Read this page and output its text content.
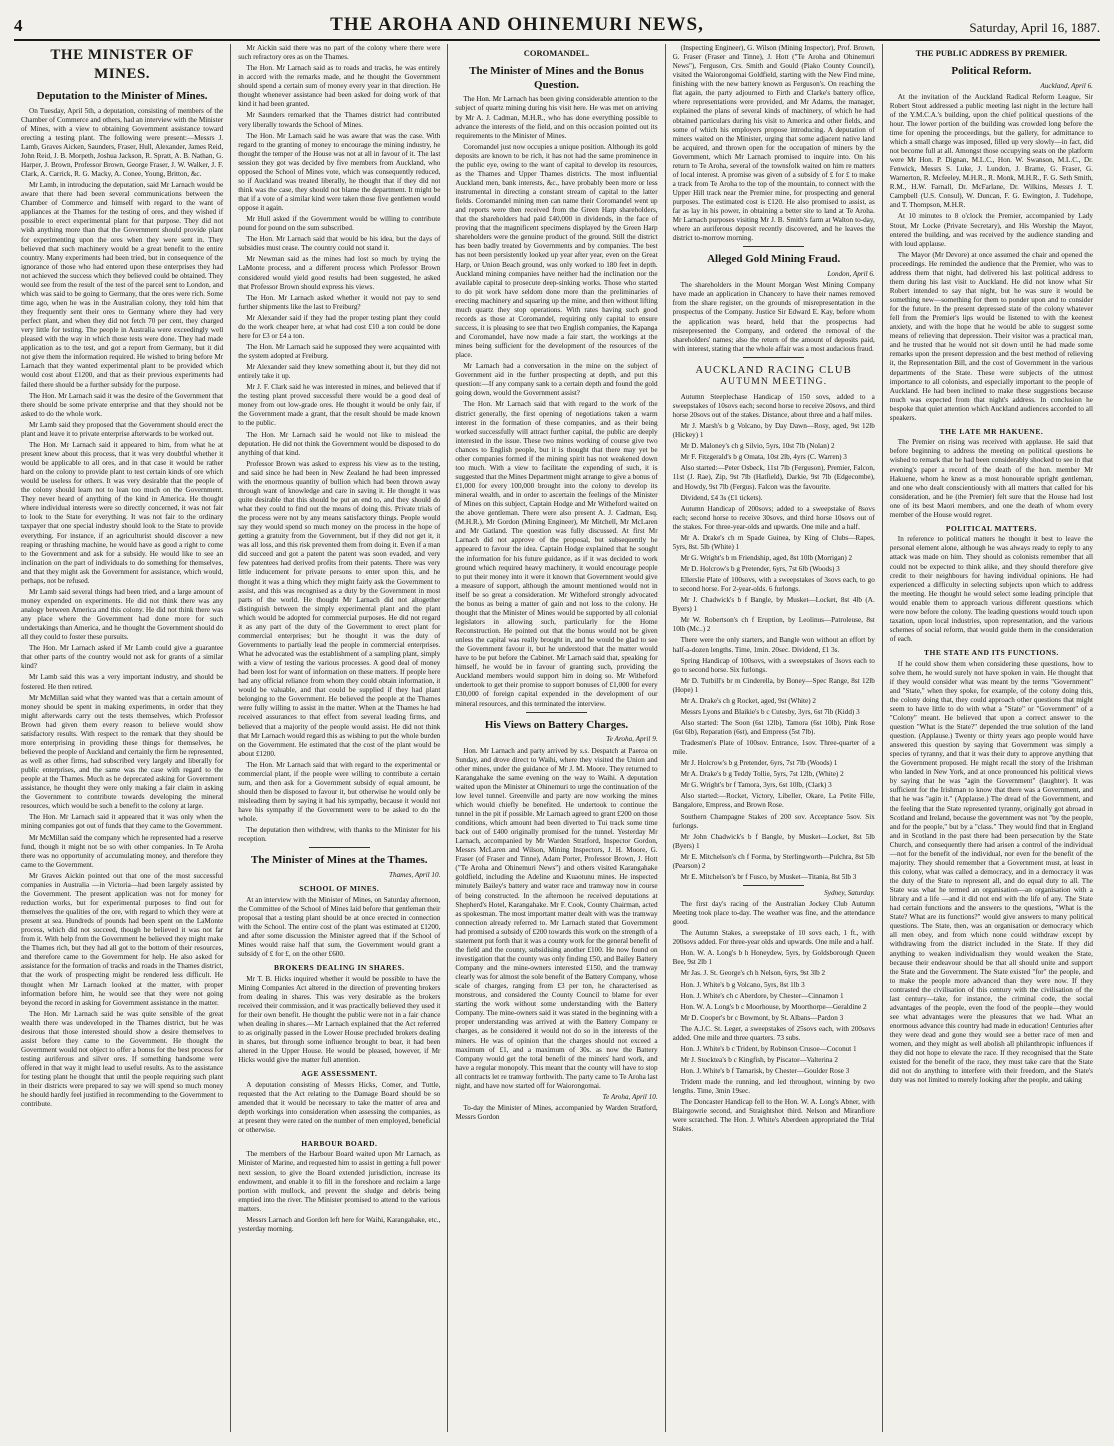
4	THE AROHA AND OHINEMURI NEWS,	Saturday, April 16, 1887.
THE MINISTER OF MINES.
Deputation to the Minister of Mines.

On Tuesday, April 5th, a deputation, consisting of members of the Chamber of Commerce and others, had an interview with the Minister of Mines, with a view to obtaining Government assistance toward erecting a testing plant. The following were present:—Messrs J. Lamb, Graves Aicken, Saunders, Fraser, Hull, Alexander, James Reid, John Reid, J. B. Morpeth, Joshua Jackson, R. Spratt, A. B. Nathan, G. Harper, J. Brown, Professor Brown, George Fraser, J. W. Walker, J. F. Clark, A. Carrick, R. G. Macky, A. Conee, Young, Britton, &c.

Mr Lamb, in introducing the deputation, said Mr Larnach would be aware that there had been several communications between the Chamber of Commerce and himself with regard to the want of appliances at the Thames for the testing of ores, and they wished if possible to erect experimental plant for that purpose. They did not wish anything more than that the Government should provide plant for experimenting upon the ores when they were sent in. They believed that such machinery would be a great benefit to the entire country. Many experiments had been tried, but in consequence of the ignorance of those who had entered upon these enterprises they had not achieved the success which they believed could be obtained. They would see from the result of the test of the parcel sent to London, and which was said to be going to Germany, that the ores were rich. Some time ago, when he was in the Australian colony, they told him that they frequently sent their ores to Germany where they had very perfect plant, and when they did not fetch 70 per cent, they charged very little for testing. The people in Australia were exceedingly well pleased with the way in which those tests were done. They had made application as to the test, and got a report from Germany, but it did not give them the information required. He wished to bring before Mr Larnach that they wanted experimental plant to be provided which would cost about £1200, and that as their previous experiments had failed there should be a further subsidy for the purpose.

The Hon. Mr Larnach said it was the desire of the Government that there should be some private enterprise and that they should not be asked to do the whole work.

Mr Lamb said they proposed that the Government should erect the plant and leave it to private enterprise afterwards to be worked out.

The Hon. Mr Larnach said it appeared to him, from what he at present knew about this process, that it was very doubtful whether it would be applicable to all ores, and in that case it would be rather hard on the colony to provide plant to test certain kinds of ore which would be useless for others. It was very desirable that the people of the colony should learn not to lean too much on the Government. They never heard of anything of the kind in America. He thought where individual interests were so directly concerned, it was not fair to look to the State for everything. It was not fair to the ordinary taxpayer that one special industry should look to the State to provide everything. For instance, if an agriculturist should discover a new reaping or thrashing machine, he would have as good a right to come to the Government and ask for a subsidy. He would like to see an inclination on the part of individuals to do something for themselves, and that they might ask the Government for assistance, which would, perhaps, not be refused.

Mr Lamb said several things had been tried, and a large amount of money expended on experiments. He did not think there was any analogy between America and this colony. He did not think there was any place where the Government had done more for such undertakings than America, and he thought the Government should do all they could to foster these pursuits.

The Hon. Mr Larnach asked if Mr Lamb could give a guarantee that other parts of the country would not ask for grants of a similar kind?

Mr Lamb said this was a very important industry, and should be fostered. He then retired.

Mr McMillan said what they wanted was that a certain amount of money should be spent in making experiments, in order that they might afterwards carry out the tests themselves, which Professor Brown had given them every reason to believe would show satisfactory results. With respect to the remark that they should be more enterprising in providing these things for themselves, he believed the people of Auckland and certainly the firm he represented, as well as other firms, had subscribed very largely and liberally for public enterprises, and the same was the case with regard to the people at the Thames. Much as he deprecated asking for Government assistance, he thought they were only making a fair claim in asking the Government to contribute towards developing the mineral resources, which would be such a benefit to the colony at large.

The Hon. Mr Larnach said it appeared that it was only when the mining companies got out of funds that they came to the Government.

Mr McMillan said the company which he represented had a reserve fund, though it might not be so with other companies. In Te Aroha there was no opportunity of accumulating money, and therefore they came to the Government.

Mr Graves Aickin pointed out that one of the most successful companies in Australia —in Victoria—had been largely assisted by the Government. The present application was not for money for reduction works, but for experimental purposes to find out for themselves the qualities of the ore, with regard to which they were at present at sea. Hundreds of pounds had been spent on the LaMonte process, which did not succeed, though he believed it was not far from it. With help from the Government he believed they might make the Thames rich, but they had all got to the bottom of their resources, and therefore came to the Government for help. He also asked for assistance for the formation of tracks and roads in the Thames district, that the work of prospecting might be rendered less difficult. He thought when Mr Larnach looked at the matter, with proper information before him, he would see that they were not going beyond the record in asking for Government assistance in the matter.

The Hon. Mr Larnach said he was quite sensible of the great wealth there was undeveloped in the Thames district, but he was desirous that those interested should show a desire themselves to assist before they came to the Government. He thought the Government would not object to offer a bonus for the best process for testing auriferous and silver ores. If something handsome were offered in that way it might lead to useful results. As to the assistance for testing plant he thought that until the people requiring such plant in their districts were prepared to say we will spend so much money he should hardly feel justified in recommending to the Government to contribute.

Mr Aickin said there was no part of the colony where there were such refractory ores as on the Thames.

The Hon. Mr Larnach said as to roads and tracks, he was entirely in accord with the remarks made, and he thought the Government should spend a certain sum of money every year in that direction. He thought whenever assistance had been asked for doing work of that kind it had been granted.

Mr Saunders remarked that the Thames district had contributed very liberally towards the School of Mines.

The Hon. Mr Larnach said he was aware that was the case. With regard to the granting of money to encourage the mining industry, he thought the temper of the House was not at all in favour of it. The last session they got was decided by five members from Auckland, who opposed the School of Mines vote, which was consequently reduced, so if Auckland was treated liberally, he thought that if they did not think was the case, they should not blame the department. It might be that if a vote of a similar kind were taken those five gentlemen would oppose it again.

Mr Hull asked if the Government would be willing to contribute pound for pound on the sum subscribed.

The Hon. Mr Larnach said that would be his idea, but the days of subsidies must cease. The country could not stand it.

Mr Newman said as the mines had lost so much by trying the LaMonte process, and a different process which Professor Brown considered would yield good results had been suggested, he asked that Professor Brown should express his views.

The Hon. Mr Larnach asked whether it would not pay to send further shipments like the last to Freiburg?

Mr Alexander said if they had the proper testing plant they could do the work cheaper here, at what had cost £10 a ton could be done here for £3 or £4 a ton.

The Hon. Mr Larnach said he supposed they were acquainted with the system adopted at Freiburg.

Mr Alexander said they knew something about it, but they did not entirely take it up.

Mr J. F. Clark said he was interested in mines, and believed that if the testing plant proved successful there would be a good deal of money from out low-grade ores. He thought it would be only fair, if the Government made a grant, that the result should be made known to the public.

The Hon. Mr Larnach said he would not like to mislead the deputation. He did not think the Government would be disposed to do anything of that kind.

Professor Brown was asked to express his view as to the testing, and said since he had been in New Zealand he had been impressed with the enormous quantity of bullion which had been thrown away through want of knowledge and care in saving it. He thought it was quite desirable that this should be put an end to, and they should do what they could to find out the means of doing this. Private trials of the process were not by any means satisfactory things. People would say they would spend so much money on the process in the hope of getting a gratuity from the Government, but if they did not get it, it was all loss, and this risk prevented them from doing it. Even if a man did succeed and got a patent the patent was soon evaded, and very few patentees had derived profits from their patents. There was very little inducement for private persons to enter upon this, and he thought it was a thing which they might fairly ask the Government to assist, and this was recognised as a duty by the Government in most parts of the world. He thought Mr Larnach did not altogether distinguish between the simply experimental plant and the plant which would be adopted for commercial purposes. He did not regard it as any part of the duty of the Government to erect plant for commercial enterprises; but he thought it was the duty of Governments to partially lead the people in commercial enterprises. What he advocated was the establishment of a sampling plant, simply with a view of testing the various processes. A good deal of money had been lost for want of information on these matters. If people here had any official reliance from whom they could obtain information, it would be valuable, and that could be supplied if they had plant belonging to the Government. He believed the people at the Thames were fully willing to assist in the matter. When at the Thames he had received assurances to that effect from several leading firms, and believed that a majority of the people would assist. He did not think that Mr Larnach would regard this as wishing to put the whole burden on the Government. He estimated that the cost of the plant would be about £1200.

The Hon. Mr Larnach said that with regard to the experimental or commercial plant, if the people were willing to contribute a certain sum, and then ask for a Government subsidy of equal amount, he should then be disposed to favour it, but otherwise he would only be misleading them by saying it had his sympathy, because it would not have his sympathy if the Government were to be asked to do the whole.

The deputation then withdrew, with thanks to the Minister for his reception.

The Minister of Mines at the Thames.
Thames, April 10.
SCHOOL OF MINES.

At an interview with the Minister of Mines, on Saturday afternoon, the Committee of the School of Mines laid before that gentleman their proposal that a testing plant should be at once erected in connection with the School. The entire cost of the plant was estimated at £1200, and after some discussion the Minister agreed that if the School of Mines would raise half that sum, the Government would grant a subsidy of £ for £, on the other £600.

BROKERS DEALING IN SHARES.

Mr T. B. Hicks inquired whether it would be possible to have the Mining Companies Act altered in the direction of preventing brokers from dealing in shares. This was very desirable as the brokers received their commission, and it was practically believed they used it for their own benefit. He thought the public were not in a fair chance when dealing in shares.—Mr Larnach explained that the Act referred to as originally passed in the Lower House precluded brokers dealing in shares, but through some influence brought to bear, it had been altered in the Upper House. He would be pleased, however, if Mr Hicks would give the matter full attention.

AGE ASSESSMENT.

A deputation consisting of Messrs Hicks, Comer, and Tuttle, requested that the Act relating to the Damage Board should be so amended that it would be necessary to take the matter of area and depth workings into consideration when assessing the companies, as at present they were rated on the number of men employed, beneficial or otherwise.

HARBOUR BOARD.

The members of the Harbour Board waited upon Mr Larnach, as Minister of Marine, and requested him to assist in getting a full power next session, to give the Board extended jurisdiction, increase its endowment, and enable it to fill in the foreshore and reclaim a large portion with mullock, and prevent the sludge and debris being emptied into the river. The Minister promised to attend to the various matters.

Messrs Larnach and Gordon left here for Waihi, Karangahake, etc., yesterday morning.

COROMANDEL.
The Minister of Mines and the Bonus Question.

The Hon. Mr Larnach has been giving considerable attention to the subject of quartz mining during his visit here. He was met on arriving by Mr A. J. Cadman, M.H.R., who has done everything possible to advance the interests of the field, and on this occasion pointed out its requirements to the Minister of Mines.

Coromandel just now occupies a unique position. Although its gold deposits are known to be rich, it has not had the same prominence in the public eye, owing to the want of capital to develop its resources, as the Thames and Upper Thames districts. The most influential Auckland men, bank interests, &c., have probably been more or less instrumental in directing a constant stream of capital to the latter fields. Coromandel mining men can name their Coromandel went up and reports were then received from the Green Harp shareholders, that the shareholders had paid £40,000 in dividends, in the face of proving that the magnificent specimens displayed by the Green Harp shareholders were the genuine product of the ground. Still the district has been badly treated by Governments and by companies. The best has not been persistently looked up year after year, even on the Great Harp, or Union Beach ground, was only worked to 180 feet in depth. Auckland mining companies have neither had the inclination nor the available capital to prosecute deep-sinking works. Those who started to do pit work have seldom done more than the preliminaries of erecting machinery and squaring up the mine, and then without lifting much quartz they stop operations. With rates having such good records as those at Coromandel, requiring only capital to ensure success, it is pleasing to see that two English companies, the Kapanga and Coromandel, have now made a fair start, the workings at the mines being sufficient for the development of the resources of the place.

Mr Larnach had a conversation in the mine on the subject of Government aid in the further prospecting at depth, and put this question:—If any company sank to a certain depth and found the gold going down, would the Government assist?

The Hon. Mr Larnach said that with regard to the work of the district generally, the first opening of negotiations taken a warm interest in the formation of these companies, and as their being worked successfully will attract further capital, the public are deeply interested in the issue. These two mines working of course give two chances to English people, but it is thought that there may yet be other companies formed if the mining spirit has not weakened down too much. With a view to facilitate the expending of such, it is suggested that the Mines Department might arrange to give a bonus of £1,000 for every 100,000 brought into the colony to develop its mineral wealth, and in order to ascertain the feelings of the Minister of Mines on this subject, Captain Hodge and Mr Witheford waited on the above gentleman. There were also present A. J. Cadman, Esq. (M.H.R.), Mr Gordon (Mining Engineer), Mr Mitchell, Mr McLaren and Mr Gatland. The question was fully discussed. At first Mr Larnach did not approve of the proposal, but subsequently he appeared to favour the idea. Captain Hodge explained that he sought the information for his future guidance, as if it was decided to work ground which required heavy machinery, it would encourage people to put their money into it were it known that Government would give a measure of support, although the amount mentioned would not in itself be so great a consideration. Mr Witheford strongly advocated the bonus as being a matter of gain and not loss to the colony. He thought that the Minister of Mines would be supported by all colonial legislators in allowing such, particularly for the Home Reconstruction. He pointed out that the bonus would not be given unless the capital was really brought in, and he would be glad to see the Government favour it, but he understood that the matter would have to be put before the Cabinet. Mr Larnach said that, speaking for himself, he would be in favour of granting such, providing the Auckland members would support him in doing so. Mr Witheford undertook to get their promise to support bonuses of £1,000 for every £30,000 of foreign capital expended in the development of our mineral resources, and this terminated the interview.

His Views on Battery Charges.
Te Aroha, April 9.

Hon. Mr Larnach and party arrived by s.s. Despatch at Paeroa on Sunday, and drove direct to Waihi, where they visited the Union and other mines, under the guidance of Mr J. M. Moore. They returned to Karangahake the same evening on the way to Waihi. A deputation waited upon the Minister at Ohinemuri to urge the continuation of the low level tunnel. Greenville and party are now working the mines which would chiefly be benefited. He undertook to continue the tunnel in the pit if possible. Mr Larnach agreed to grant £200 on those conditions, which amount had been diverted to Tui track some time back out of £400 originally promised for the tunnel. Yesterday Mr Larnach, accompanied by Mr Warden Stratford, Inspector Gordon, Messrs McLaren and Wilson, Mining Inspectors, J. H. Moore, G. Fraser (of Fraser and Tinne), Adam Porter, Professor Brown, J. Hott ("Te Aroha and Ohinemuri News") and others visited Karangahake goldfield, including the Adeline and Kuaotunu mines. He inspected minutely Bailey's battery and water race and tramway now in course of being constructed. In the afternoon he received deputations at Shepherd's Hotel, Karangahake. Mr F. Cook, County Chairman, acted as spokesman. The most important matter dealt with was the tramway connection already referred to. Mr Larnach stated that Government had promised a subsidy of £200 towards this work on the strength of a statement put forth that it was a county work for the general benefit of the field and the county, subsidising another £100. He now found on investigation that the county was only finding £50, and Bailey Battery Company and the mine-owners interested £150, and the tramway clearly was for almost the sole benefit of the Battery Company, whose scale of charges, ranging from £3 per ton, he characterised as monstrous, and considered the County Council to blame for ever starting the work without some understanding with the Battery Company. The mine-owners said it was stated in the beginning with a proper understanding was arrived at with the Battery Company re charges, as he considered it would not do so in the interests of the miners. He was of opinion that the charges should not exceed a maximum of £1, and a maximum of 30s. as now the Battery Company would get the total benefit of the miners' hard work, and have a regular monopoly. This meant that the county will have to stop all contracts let re tramway forthwith. The party came to Te Aroha last night, and have now started off for Waiorongomai.

Te Aroha, April 10.

To-day the Minister of Mines, accompanied by Warden Stratford, Messrs Gordon

(Inspecting Engineer), G. Wilson (Mining Inspector), Prof. Brown, G. Fraser (Fraser and Tinne), J. Hott ("Te Aroha and Ohinemuri News"), Ferguson, Crs. Smith and Gould (Piako County Council), visited the Waiorongomai Goldfield, starting with the New Find mine, finishing with the new battery known as Ferguson's. On reaching the flat again, the party adjourned to Firth and Clarke's battery office, where representations were provided, and Mr Adams, the manager, explained the plans of several kinds of machinery, of which he had obtained particulars during his visit to America and other fields, and some of which his employers propose introducing. A deputation of miners waited on the Minister, urging that some adjacent native land be acquired, and thrown open for the occupation of miners by the Government, which Mr Larnach promised to inquire into. On his return to Te Aroha, several of the townsfolk waited on him re matters of local interest. A promise was given of a subsidy of £ for £ to make a track from Te Aroha to the top of the mountain, to connect with the Upper Hill track near the Premier mine, for prospecting and general purposes. The estimated cost is £120. He also promised to assist, as far as lay in his power, in obtaining a better site to land at Te Aroha. Mr Larnach purposes visiting Mr J. B. Smith's farm at Walton to-day, where an auriferous deposit recently discovered, and he leaves the district to-morrow morning.

Alleged Gold Mining Fraud.
London, April 6.

The shareholders in the Mount Morgan West Mining Company have made an application in Chancery to have their names removed from the share register, on the grounds of misrepresentation in the prospectus of the Company. Justice Sir Edward E. Kay, before whom the application was heard, held that the prospectus had misrepresented the Company, and ordered the removal of the shareholders' names; also the return of the amount of deposits paid, with interest, stating that the whole affair was a most audacious fraud.

AUCKLAND RACING CLUB
AUTUMN MEETING.

Autumn Steeplechase Handicap of 150 sovs, added to a sweepstakes of 10sovs each; second horse to receive 20sovs, and third horse 20sovs out of the stakes. Distance, about three and a half miles.

Mr J. Marsh's b g Volcano, by Day Dawn—Rosy, aged, 9st 12lb (Hickey) 1

Mr D. Maloney's ch g Silvio, 5yrs, 10st 7lb (Nolan) 2

Mr F. Fitzgerald's b g Omata, 10st 2lb, 4yrs (C. Warren) 3

Also started:—Peter Osbeck, 11st 7lb (Ferguson), Premier, Falcon, 11st (J. Rae), Zip, 9st 7lb (Hatfield), Darkie, 9st 7lb (Edgecombe), and Howdy, 9st 7lb (Fergus). Falcon was the favourite.

Dividend, £4 3s (£1 tickets).

Autumn Handicap of 200sovs; added to a sweepstake of 8sovs each; second horse to receive 30sovs, and third horse 10sovs out of the stakes. For three-year-olds and upwards. One mile and a half.

Mr A. Drake's ch m Spade Guinea, by King of Clubs—Rapes, 5yrs, 8st. 5lb (White) 1

Mr G. Wright's b m Friendship, aged, 8st 10lb (Morrigan) 2

Mr D. Holcrow's b g Pretender, 6yrs, 7st 6lb (Woods) 3

Ellerslie Plate of 100sovs, with a sweepstakes of 3sovs each, to go to second horse. For 2-year-olds. 6 furlongs.

Mr J. Chadwick's b f Bangle, by Musket—Locket, 8st 4lb (A. Byers) 1

Mr W. Robertson's ch f Eruption, by Leolinus—Patroleuse, 8st 10lb (Mc..) 2

There were the only starters, and Bangle won without an effort by half-a-dozen lengths. Time, 1min. 20sec. Dividend, £1 3s.

Spring Handicap of 100sovs, with a sweepstakes of 3sovs each to go to second horse. Six furlongs.

Mr D. Tutbill's br m Cinderella, by Boney—Spec Range, 8st 12lb (Hope) 1

Mr A. Drake's ch g Rocket, aged, 9st (White) 2

Messrs Lyons and Blaikie's b c Cutesby, 3yrs, 6st 7lb (Kidd) 3

Also started: The Soon (6st 12lb), Tamora (6st 10lb), Pink Rose (6st 6lb), Reparation (6st), and Empress (5st 7lb).

Tradesmen's Plate of 100sov. Entrance, 1sov. Three-quarter of a mile.

Mr J. Holcrow's b g Pretender, 6yrs, 7st 7lb (Woods) 1

Mr A. Drake's b g Teddy Tollie, 5yrs, 7st 12lb, (White) 2

Mr G. Wright's br f Tamora, 3yrs, 6st 10lb, (Clark) 3

Also started:—Rocket, Victory, Libeller, Okare, La Petite Fille, Bangalore, Empress, and Brown Rose.

Southern Champagne Stakes of 200 sov. Acceptance 5sov. Six furlongs.

Mr John Chadwick's b f Bangle, by Musket—Locket, 8st 5lb (Byers) 1

Mr E. Mitchelson's ch f Forma, by Sterlingworth—Pulchra, 8st 5lb (Pearson) 2

Mr E. Mitchelson's br f Fusco, by Musket—Titania, 8st 5lb 3

Sydney, Saturday.

The first day's racing of the Australian Jockey Club Autumn Meeting took place to-day. The weather was fine, and the attendance good.

The Autumn Stakes, a sweepstake of 10 sovs each, 1 ft., with 200sovs added. For three-year olds and upwards. One mile and a half.

Hon. W. A. Long's b h Honeydew, 5yrs, by Goldsborough Queen Bee, 9st 2lb 1

Mr Jas. J. St. George's ch h Nelson, 6yrs, 9st 3lb 2

Hon. J. White's b g Volcano, 5yrs, 8st 1lb 3

Hon. J. White's ch c Aberdore, by Chester—Cinnamon 1

Hon. W. A. Long's b c Moorhouse, by Moorthorpe—Geraldine 2

Mr D. Cooper's br c Bowmont, by St. Albans—Pardon 3

The A.J.C. St. Leger, a sweepstakes of 25sovs each, with 200sovs added. One mile and three quarters. 73 subs.

Hon. J. White's b c Trident, by Robinson Crusoe—Coconut 1

Mr J. Stocktea's b c Kingfish, by Piscator—Valterina 2

Hon. J. White's b f Tamarisk, by Chester—Goulder Rose 3

Trident made the running, and led throughout, winning by two lengths. Time, 3min 19sec.

The Doncaster Handicap fell to the Hon. W. A. Long's Abner, with Blairgowrie second, and Straightshot third. Nelson and Miranfiore were scratched. The Hon. J. White's Aberdeen appropriated the Trial Stakes.

THE PUBLIC ADDRESS BY PREMIER.
Political Reform.
Auckland, April 6.

At the invitation of the Auckland Radical Reform League, Sir Robert Stout addressed a public meeting last night in the lecture hall of the Y.M.C.A.'s building, upon the chief political questions of the hour. The lower portion of the building was crowded long before the time for opening the proceedings, but the gallery, for admittance to which a small charge was imposed, filled up very slowly—in fact, did not become full at all. Amongst those occupying seats on the platform were Mr Hon. P. Dignan, M.L.C., Hon. W. Swanson, M.L.C., Dr. Fenwick, Messrs S. Luke, J. Lundon, J. Brame, G. Fraser, G. Warnerton, R. Mcfeeley, M.H.R., R. Monk, M.H.R., F. G. Seth Smith, R.M., H.W. Farnall, Dr. McFarlane, Dr. Wilkins, Messrs J. T. Campbell (U.S. Consul), W. Duncan, F. G. Ewington, J. Tudehope, and T. Thompson, M.H.R.

At 10 minutes to 8 o'clock the Premier, accompanied by Lady Stout, Mr Locke (Private Secretary), and His Worship the Mayor, entered the building, and was received by the audience standing and with loud applause.

The Mayor (Mr Devore) at once assumed the chair and opened the proceedings. He reminded the audience that the Premier, who was to address them that night, had delivered his last political address to them during his last visit to Auckland. He did not know what Sir Robert intended to say that night, but he was sure it would be something new—something for them to ponder upon and to consider for the future. In the present depressed state of the colony whatever fell from the Premier's lips would be listened to with the keenest anxiety, and with the hope that he would be able to suggest some means of relieving that depression. Their visitor was a practical man, and he trusted that he would not sit down until he had made some remarks upon the present depression and the best method of relieving it, the Representation Bill, and the cost of Government in the various departments of the State. These were subjects of the utmost importance to all colonists, and especially important to the people of Auckland. He had been inclined to make these suggestions because much was expected from that night's address. In conclusion he bespoke that quiet attention which Auckland audiences accorded to all speakers.

THE LATE MR HAKUENE.

The Premier on rising was received with applause. He said that before beginning to address the meeting on political questions he wished to remark that he had been considerably shocked to see in that evening's paper a record of the death of the hon. member Mr Hakuene, whom he knew as a most honourable upright gentleman, and one who dealt conscientiously with all matters that called for his consideration, and he (the Premier) felt sure that the House had lost one of its best Maori members, and one the death of whom every member of the House would regret.

POLITICAL MATTERS.

In reference to political matters he thought it best to leave the personal element alone, although he was always ready to reply to any attack was made on him. They should as colonists remember that all could not be expected to think alike, and they should therefore give credit to their neighbours for having individual opinions. He had experienced a difficulty in selecting subjects upon which to address the meeting. He thought he would select some leading principle that would enable them to approach various different questions which were now before the colony. The leading questions would touch upon taxation, upon local industries, upon representation, and the various schemes of social reform, that would guide them in the consideration of each.

THE STATE AND ITS FUNCTIONS.

If he could show them when considering these questions, how to solve them, he would surely not have spoken in vain. He thought that if they would consider what was meant by the terms "Government" and "State," when they spoke, for example, of the colony doing this, the colony doing that, they could approach other questions that might seem to have little to do with what a "State" or "Government" of a "Colony" meant. He believed that upon a correct answer to the question "What is the State?" depended the true solution of the land question. (Applause.) Twenty or thirty years ago people would have answered this question by saying that Government was simply a species of tyranny, and that it was their duty to approve anything that the Government proposed. He might recall the story of the Irishman who landed in New York, and at once pronounced his political views by saying that he was "agin the Government" (laughter). It was sufficient for the Irishman to know that there was a Government, and that he was "agin it." (Applause.) The dread of the Government, and the feeling that the State represented tyranny, originally got abroad in Scotland and Ireland, because the government was not "by the people, and for the people," but by a "class." They would find that in England and in Scotland in the past there had been persecution by the State Church, and consequently there had arisen a control of the individual—not for the benefit of the individual, nor even for the benefit of the majority. They should remember that a Government must, at least in this colony, what was called a democracy, and in a democracy it was the duty of the State to represent all, and do equal duty to all. The State was what he termed an organisation—an organisation with a library and a life —and it did not end with the life of any. The State had certain functions and the answers to the questions, "What is the State? What are its functions?" would give answers to many political questions. The State, then, was an organisation or democracy which all men obey, and from which none could withdraw except by withdrawing from the district included in the State. If they did anything to weaken individualism they would weaken the State, because their endeavour should be that all should unite and support the State and the Government. The State existed "for" the people, and to make the people more advanced than they were now. If they contrasted the civilisation of this century with the civilisation of the last century—take, for instance, the criminal code, the social advantages of the people, even the food of the people—they would see what advantages were the pleasures that we had. What an enormous advance this country had made in education! Centuries after they were dead and gone they would see a better race of men and women, and they might as well abolish all philanthropic influences if they did not hope to elevate the race. If they recognised that the State existed for the benefit of the race, they must take care that the State did not do anything to interfere with their freedom, and the State's duty was not limited to merely looking after the people, and taking
